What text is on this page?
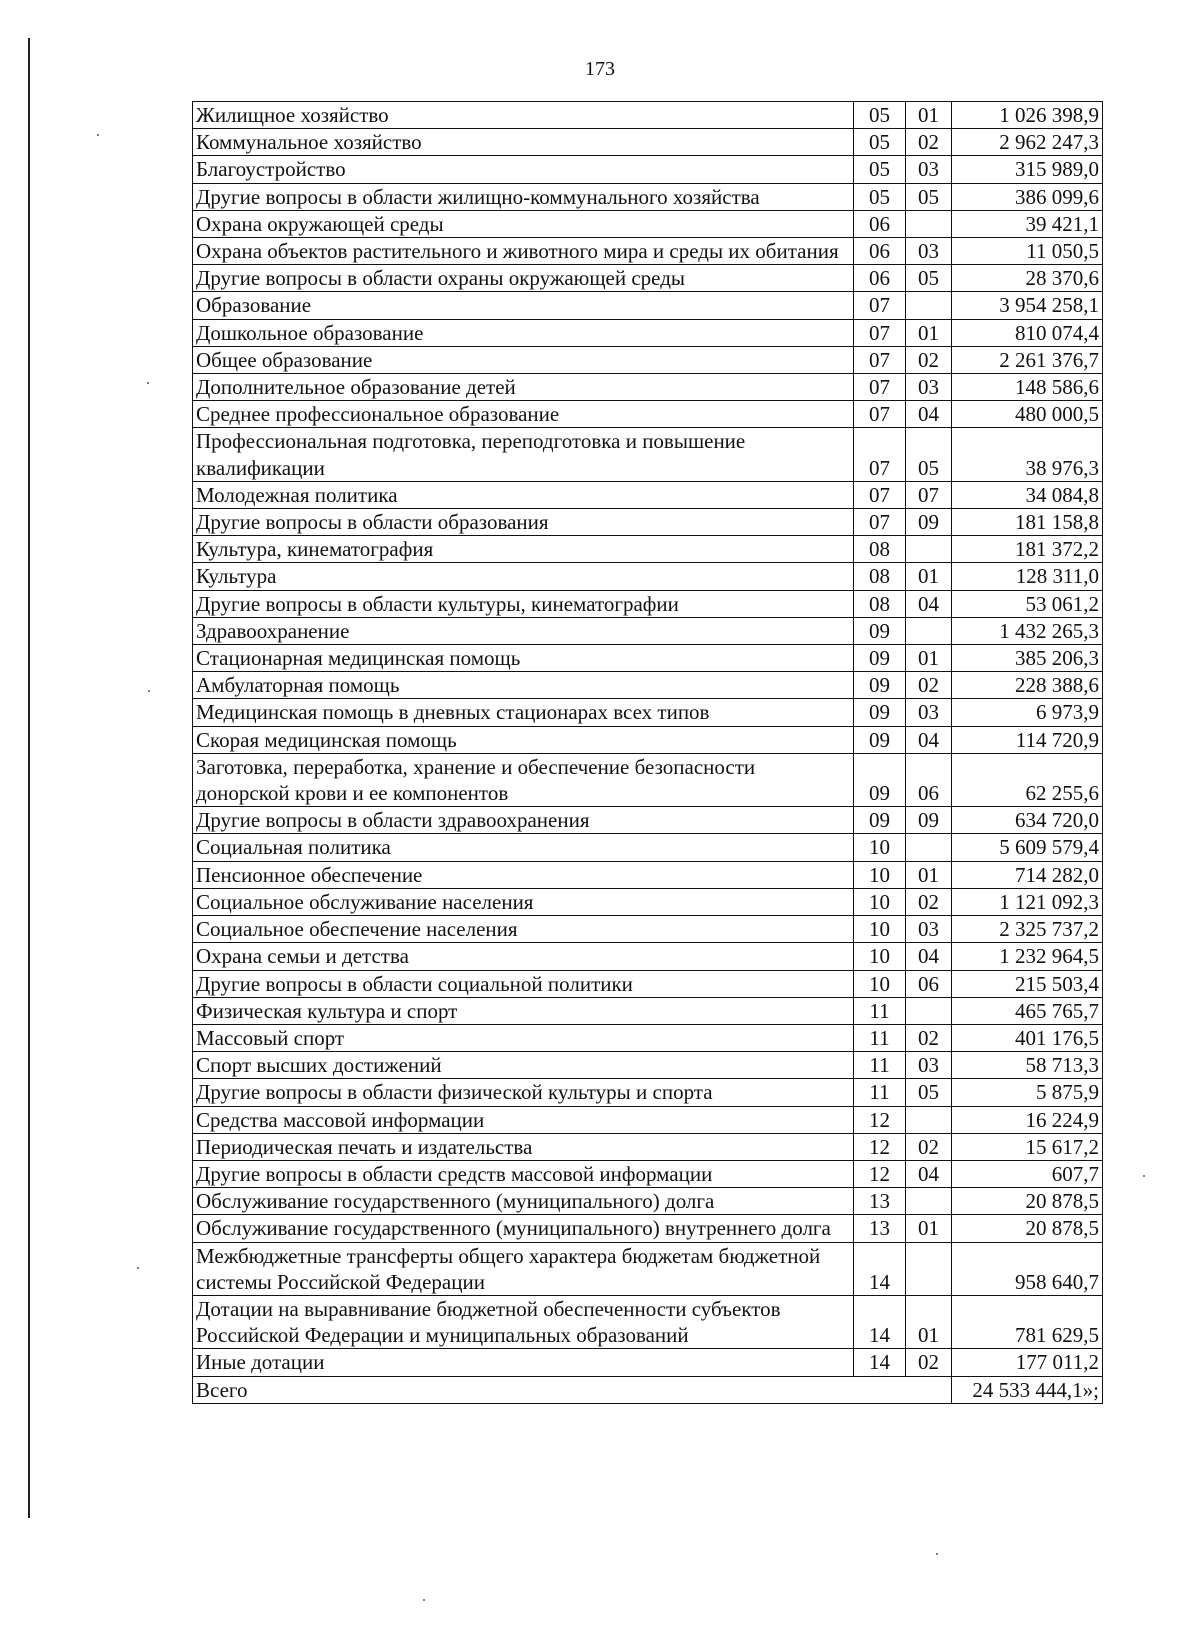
173
Жилищное хозяйство	05	01	1 026 398,9
Коммунальное хозяйство	05	02	2 962 247,3
Благоустройство	05	03	315 989,0
Другие вопросы в области жилищно-коммунального хозяйства	05	05	386 099,6
Охрана окружающей среды	06		39 421,1
Охрана объектов растительного и животного мира и среды их обитания	06	03	11 050,5
Другие вопросы в области охраны окружающей среды	06	05	28 370,6
Образование	07		3 954 258,1
Дошкольное образование	07	01	810 074,4
Общее образование	07	02	2 261 376,7
Дополнительное образование детей	07	03	148 586,6
Среднее профессиональное образование	07	04	480 000,5
Профессиональная подготовка, переподготовка и повышение квалификации	07	05	38 976,3
Молодежная политика	07	07	34 084,8
Другие вопросы в области образования	07	09	181 158,8
Культура, кинематография	08		181 372,2
Культура	08	01	128 311,0
Другие вопросы в области культуры, кинематографии	08	04	53 061,2
Здравоохранение	09		1 432 265,3
Стационарная медицинская помощь	09	01	385 206,3
Амбулаторная помощь	09	02	228 388,6
Медицинская помощь в дневных стационарах всех типов	09	03	6 973,9
Скорая медицинская помощь	09	04	114 720,9
Заготовка, переработка, хранение и обеспечение безопасности донорской крови и ее компонентов	09	06	62 255,6
Другие вопросы в области здравоохранения	09	09	634 720,0
Социальная политика	10		5 609 579,4
Пенсионное обеспечение	10	01	714 282,0
Социальное обслуживание населения	10	02	1 121 092,3
Социальное обеспечение населения	10	03	2 325 737,2
Охрана семьи и детства	10	04	1 232 964,5
Другие вопросы в области социальной политики	10	06	215 503,4
Физическая культура и спорт	11		465 765,7
Массовый спорт	11	02	401 176,5
Спорт высших достижений	11	03	58 713,3
Другие вопросы в области физической культуры и спорта	11	05	5 875,9
Средства массовой информации	12		16 224,9
Периодическая печать и издательства	12	02	15 617,2
Другие вопросы в области средств массовой информации	12	04	607,7
Обслуживание государственного (муниципального) долга	13		20 878,5
Обслуживание государственного (муниципального) внутреннего долга	13	01	20 878,5
Межбюджетные трансферты общего характера бюджетам бюджетной системы Российской Федерации	14		958 640,7
Дотации на выравнивание бюджетной обеспеченности субъектов Российской Федерации и муниципальных образований	14	01	781 629,5
Иные дотации	14	02	177 011,2
Всего			24 533 444,1»;
